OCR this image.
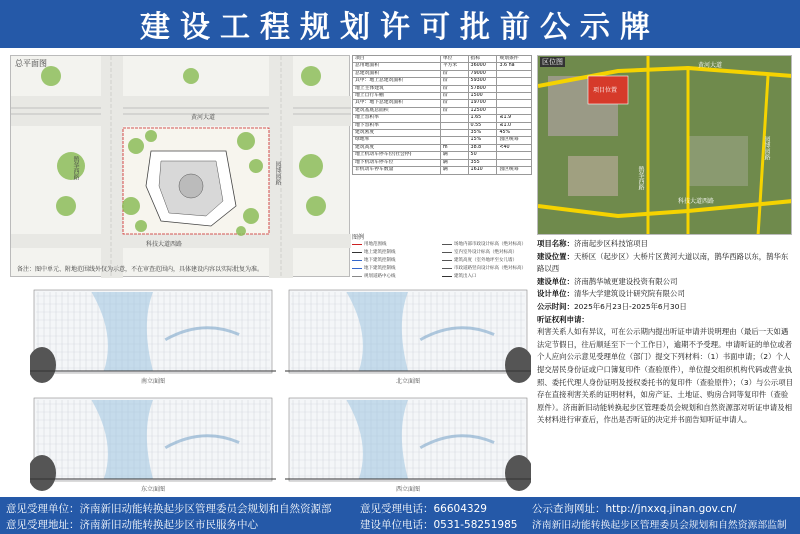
建设工程规划许可批前公示牌
总平面图
黄河大道
鹊华西路	园博园路
科技大道西路
备注：图中单元、附地范围线外仅为示意，不在审查范围内，具体建设内容以实际批复为准。
项目	单位	指标	规划条件
总用地面积	平方米	36000	3.6 ha
总建筑面积	㎡	79000	
其中：地上总建筑面积	㎡	59300	
地上主体建筑	㎡	57800	
地上自行车棚	㎡	1500	
其中：地下总建筑面积	㎡	19700	
建筑基底总面积	㎡	12500	
地上容积率		1.65	≤1.9
地下容积率		0.55	≤1.0
建筑密度		35%	45%
绿地率		15%	园区统筹
建筑高度	m	38.8	<40
地上机动车停车位(社会停)	辆	50	
地下机动车停车位	辆	355	
非机动车停车数量	辆	1610	园区统筹
图例
用地范围线
地上建筑控制线
地下建筑控制线
地下建筑控制线
规划道路中心线	建筑出入口
场地内部市政设计标高（绝对标高）
室内室外设计标高（绝对标高）
建筑高度（室外地坪至女儿墙）
市政道路竖向设计标高（绝对标高）
区位图
项目位置
黄河大道
鹊华西路
园博园路
科技大道西路
南立面图	北立面图
东立面图	西立面图

项目名称：济南起步区科技馆项目

建设位置：天桥区（起步区）大桥片区黄河大道以南，鹊华西路以东，鹊华东路以西

建设单位：济南鹊华城更建设投资有限公司

设计单位：清华大学建筑设计研究院有限公司

公示时间：2025年6月23日-2025年6月30日

听证权利申请：

利害关系人如有异议，可在公示期内提出听证申请并说明理由（最后一天如遇法定节假日，往后顺延至下一个工作日），逾期不予受理。申请听证的单位或者个人应向公示意见受理单位（部门）提交下列材料：（1）书面申请；（2）个人提交居民身份证或户口簿复印件（查验原件），单位提交组织机构代码或营业执照、委托代理人身份证明及授权委托书的复印件（查验原件）；（3）与公示项目存在直接利害关系的证明材料，如房产证、土地证、购房合同等复印件（查验原件）。济南新旧动能转换起步区管理委员会规划和自然资源部对听证申请及相关材料进行审查后，作出是否听证的决定并书面告知听证申请人。

意见受理单位：济南新旧动能转换起步区管理委员会规划和自然资源部
意见受理地址：济南新旧动能转换起步区市民服务中心
意见受理电话：66604329
建设单位电话：0531-58251985
公示查询网址：http://jnxxq.jinan.gov.cn/
济南新旧动能转换起步区管理委员会规划和自然资源部监制
